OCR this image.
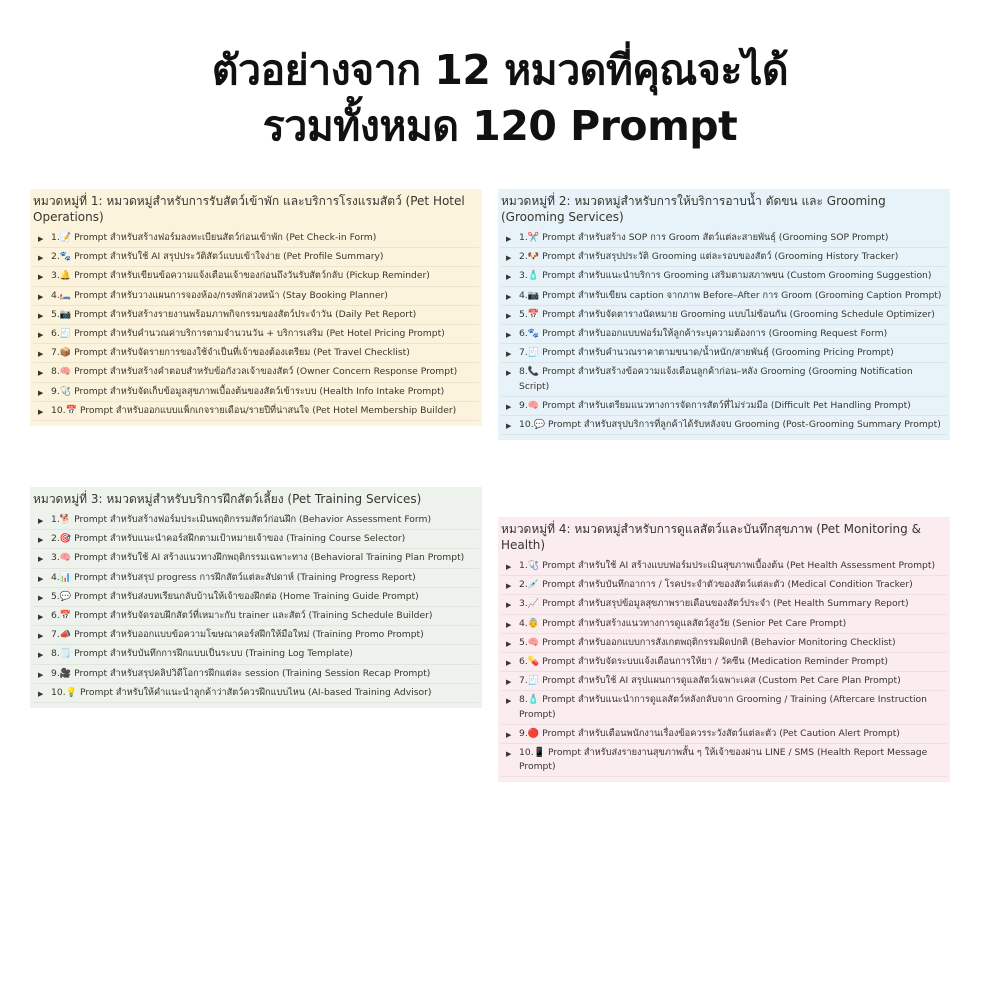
ตัวอย่างจาก 12 หมวดที่คุณจะได้
รวมทั้งหมด 120 Prompt

หมวดหมู่ที่ 1: หมวดหมู่สำหรับการรับสัตว์เข้าพัก และบริการโรงแรมสัตว์ (Pet Hotel Operations)

▶ 1.📝 Prompt สำหรับสร้างฟอร์มลงทะเบียนสัตว์ก่อนเข้าพัก (Pet Check-in Form)
▶ 2.🐾 Prompt สำหรับใช้ AI สรุปประวัติสัตว์แบบเข้าใจง่าย (Pet Profile Summary)
▶ 3.🔔 Prompt สำหรับเขียนข้อความแจ้งเตือนเจ้าของก่อนถึงวันรับสัตว์กลับ (Pickup Reminder)
▶ 4.🛏️ Prompt สำหรับวางแผนการจองห้อง/กรงพักล่วงหน้า (Stay Booking Planner)
▶ 5.📷 Prompt สำหรับสร้างรายงานพร้อมภาพกิจกรรมของสัตว์ประจำวัน (Daily Pet Report)
▶ 6.🧾 Prompt สำหรับคำนวณค่าบริการตามจำนวนวัน + บริการเสริม (Pet Hotel Pricing Prompt)
▶ 7.📦 Prompt สำหรับจัดรายการของใช้จำเป็นที่เจ้าของต้องเตรียม (Pet Travel Checklist)
▶ 8.🧠 Prompt สำหรับสร้างคำตอบสำหรับข้อกังวลเจ้าของสัตว์ (Owner Concern Response Prompt)
▶ 9.🩺 Prompt สำหรับจัดเก็บข้อมูลสุขภาพเบื้องต้นของสัตว์เข้าระบบ (Health Info Intake Prompt)
▶ 10.📅 Prompt สำหรับออกแบบแพ็กเกจรายเดือน/รายปีที่น่าสนใจ (Pet Hotel Membership Builder)

หมวดหมู่ที่ 2: หมวดหมู่สำหรับการให้บริการอาบน้ำ ตัดขน และ Grooming (Grooming Services)

▶ 1.✂️ Prompt สำหรับสร้าง SOP การ Groom สัตว์แต่ละสายพันธุ์ (Grooming SOP Prompt)
▶ 2.🐶 Prompt สำหรับสรุปประวัติ Grooming แต่ละรอบของสัตว์ (Grooming History Tracker)
▶ 3.🧴 Prompt สำหรับแนะนำบริการ Grooming เสริมตามสภาพขน (Custom Grooming Suggestion)
▶ 4.📷 Prompt สำหรับเขียน caption จากภาพ Before–After การ Groom (Grooming Caption Prompt)
▶ 5.📅 Prompt สำหรับจัดตารางนัดหมาย Grooming แบบไม่ซ้อนกัน (Grooming Schedule Optimizer)
▶ 6.🐾 Prompt สำหรับออกแบบฟอร์มให้ลูกค้าระบุความต้องการ (Grooming Request Form)
▶ 7.🧾 Prompt สำหรับคำนวณราคาตามขนาด/น้ำหนัก/สายพันธุ์ (Grooming Pricing Prompt)
▶ 8.📞 Prompt สำหรับสร้างข้อความแจ้งเตือนลูกค้าก่อน–หลัง Grooming (Grooming Notification Script)
▶ 9.🧠 Prompt สำหรับเตรียมแนวทางการจัดการสัตว์ที่ไม่ร่วมมือ (Difficult Pet Handling Prompt)
▶ 10.💬 Prompt สำหรับสรุปบริการที่ลูกค้าได้รับหลังจบ Grooming (Post-Grooming Summary Prompt)

หมวดหมู่ที่ 3: หมวดหมู่สำหรับบริการฝึกสัตว์เลี้ยง (Pet Training Services)

▶ 1.🐕 Prompt สำหรับสร้างฟอร์มประเมินพฤติกรรมสัตว์ก่อนฝึก (Behavior Assessment Form)
▶ 2.🎯 Prompt สำหรับแนะนำคอร์สฝึกตามเป้าหมายเจ้าของ (Training Course Selector)
▶ 3.🧠 Prompt สำหรับใช้ AI สร้างแนวทางฝึกพฤติกรรมเฉพาะทาง (Behavioral Training Plan Prompt)
▶ 4.📊 Prompt สำหรับสรุป progress การฝึกสัตว์แต่ละสัปดาห์ (Training Progress Report)
▶ 5.💬 Prompt สำหรับส่งบทเรียนกลับบ้านให้เจ้าของฝึกต่อ (Home Training Guide Prompt)
▶ 6.📅 Prompt สำหรับจัดรอบฝึกสัตว์ที่เหมาะกับ trainer และสัตว์ (Training Schedule Builder)
▶ 7.📣 Prompt สำหรับออกแบบข้อความโฆษณาคอร์สฝึกให้มือใหม่ (Training Promo Prompt)
▶ 8.🗒️ Prompt สำหรับบันทึกการฝึกแบบเป็นระบบ (Training Log Template)
▶ 9.🎥 Prompt สำหรับสรุปคลิปวิดีโอการฝึกแต่ละ session (Training Session Recap Prompt)
▶ 10.💡 Prompt สำหรับให้คำแนะนำลูกค้าว่าสัตว์ควรฝึกแบบไหน (AI-based Training Advisor)

หมวดหมู่ที่ 4: หมวดหมู่สำหรับการดูแลสัตว์และบันทึกสุขภาพ (Pet Monitoring & Health)

▶ 1.🩺 Prompt สำหรับใช้ AI สร้างแบบฟอร์มประเมินสุขภาพเบื้องต้น (Pet Health Assessment Prompt)
▶ 2.💉 Prompt สำหรับบันทึกอาการ / โรคประจำตัวของสัตว์แต่ละตัว (Medical Condition Tracker)
▶ 3.📈 Prompt สำหรับสรุปข้อมูลสุขภาพรายเดือนของสัตว์ประจำ (Pet Health Summary Report)
▶ 4.👵 Prompt สำหรับสร้างแนวทางการดูแลสัตว์สูงวัย (Senior Pet Care Prompt)
▶ 5.🧠 Prompt สำหรับออกแบบการสังเกตพฤติกรรมผิดปกติ (Behavior Monitoring Checklist)
▶ 6.💊 Prompt สำหรับจัดระบบแจ้งเตือนการให้ยา / วัคซีน (Medication Reminder Prompt)
▶ 7.🧾 Prompt สำหรับใช้ AI สรุปแผนการดูแลสัตว์เฉพาะเคส (Custom Pet Care Plan Prompt)
▶ 8.🧴 Prompt สำหรับแนะนำการดูแลสัตว์หลังกลับจาก Grooming / Training (Aftercare Instruction Prompt)
▶ 9.🔴 Prompt สำหรับเตือนพนักงานเรื่องข้อควรระวังสัตว์แต่ละตัว (Pet Caution Alert Prompt)
▶ 10.📱 Prompt สำหรับส่งรายงานสุขภาพสั้น ๆ ให้เจ้าของผ่าน LINE / SMS (Health Report Message Prompt)
